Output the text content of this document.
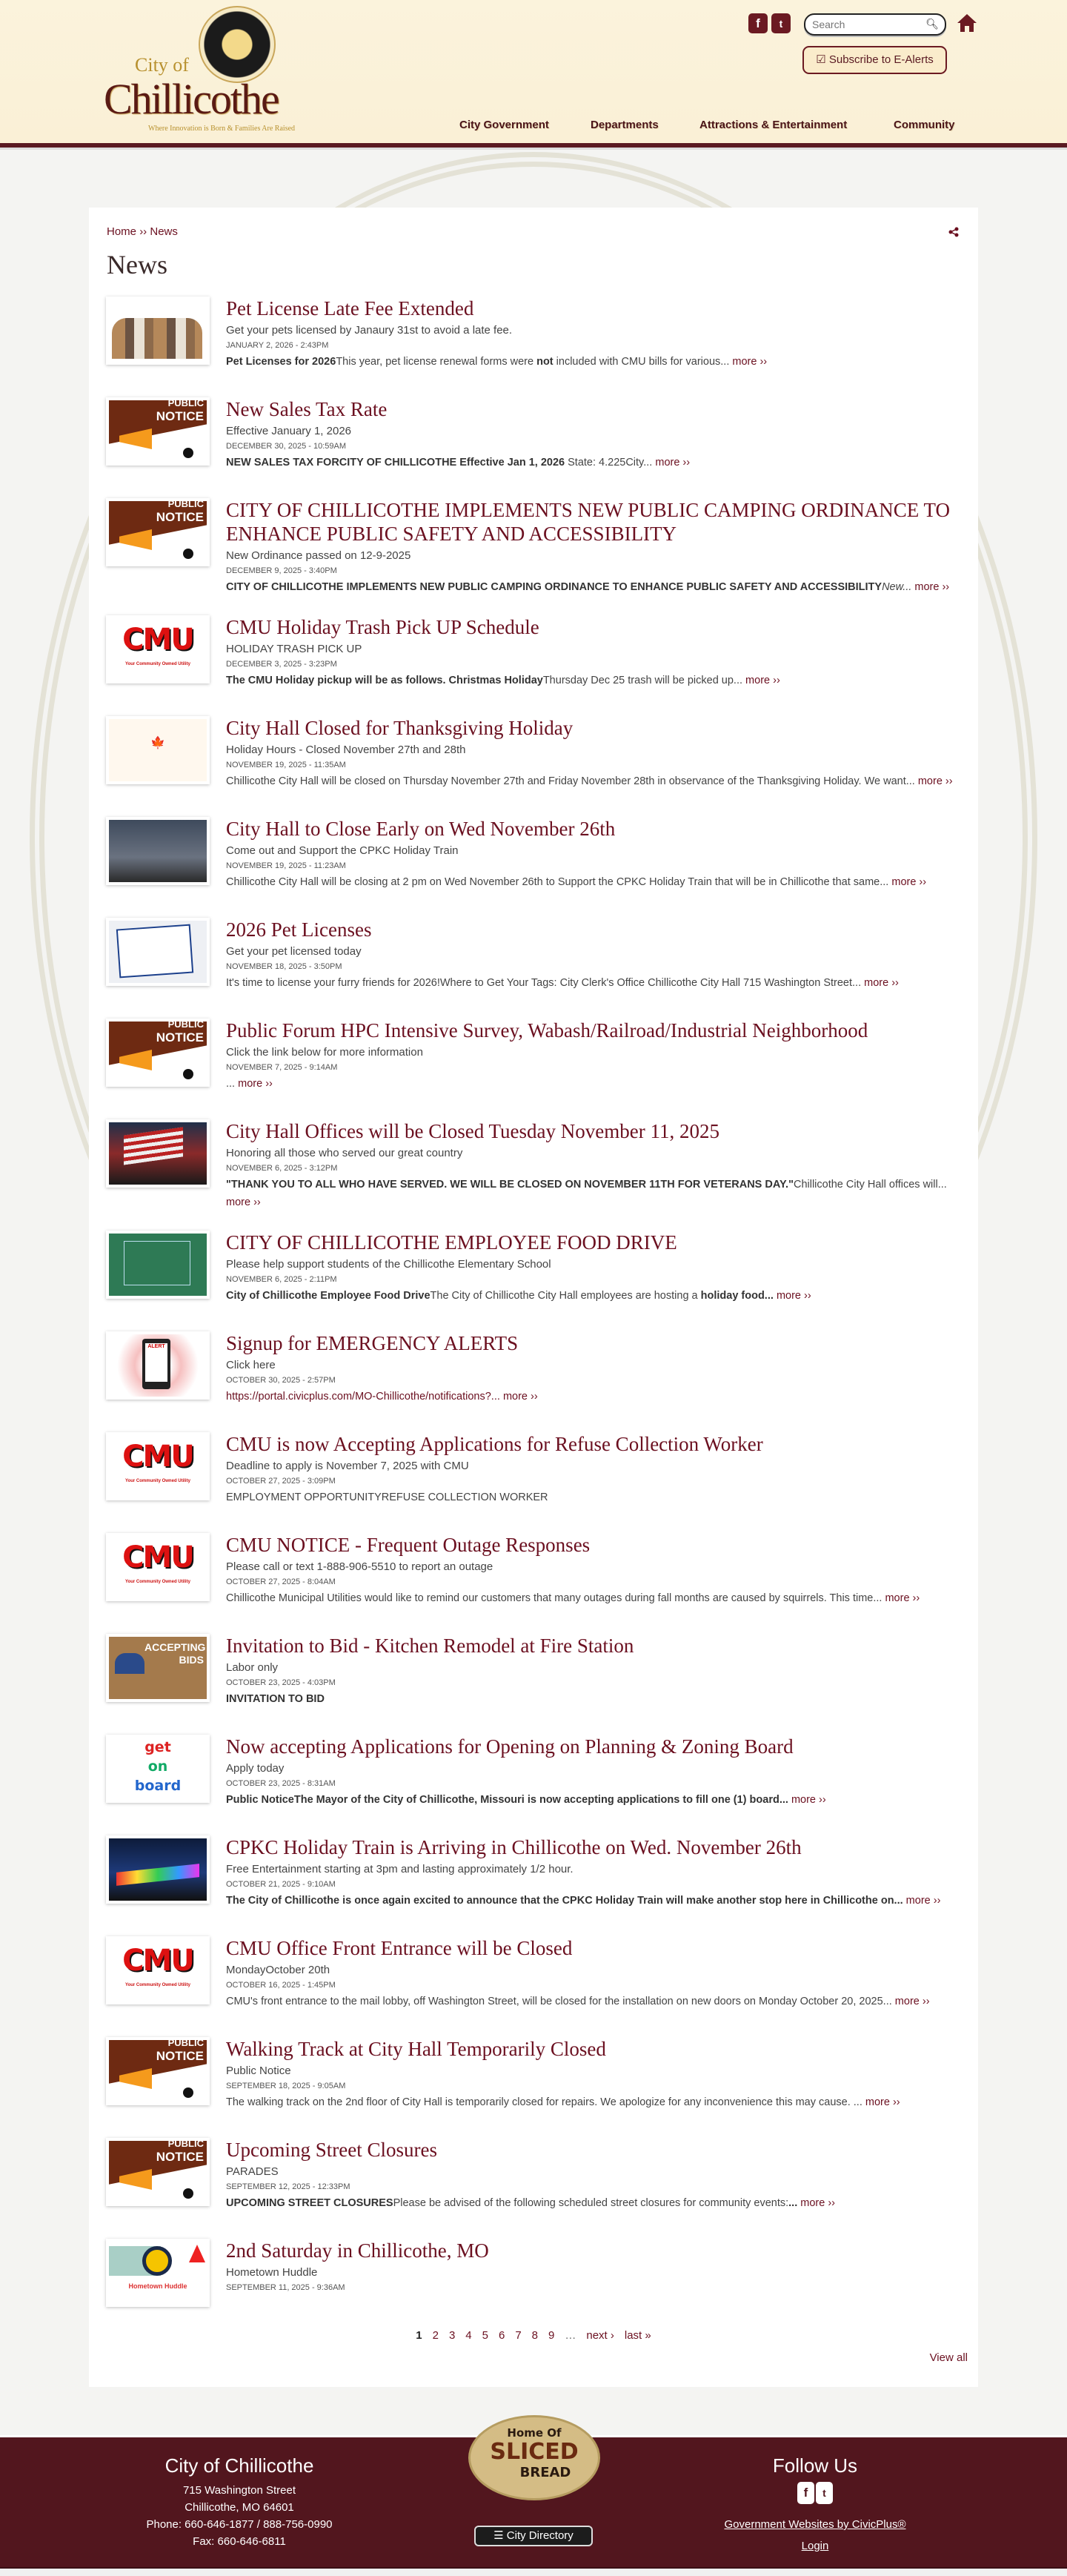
City of
Chillicothe
Where Innovation is Born & Families Are Raised
f	t
Search	🔍︎
☑ Subscribe to E-Alerts
City Government	Departments	Attractions & Entertainment	Community
Home ›› News
News
Pet License Late Fee Extended
Get your pets licensed by Janaury 31st to avoid a late fee.
JANUARY 2, 2026 - 2:43PM
Pet Licenses for 2026This year, pet license renewal forms were not included with CMU bills for various... more ››
PUBLIC
NOTICE New Sales Tax Rate
Effective January 1, 2026
DECEMBER 30, 2025 - 10:59AM
NEW SALES TAX FORCITY OF CHILLICOTHE Effective Jan 1, 2026 State: 4.225City... more ››
PUBLIC
NOTICE CITY OF CHILLICOTHE IMPLEMENTS NEW PUBLIC CAMPING ORDINANCE TO ENHANCE PUBLIC SAFETY AND ACCESSIBILITY
New Ordinance passed on 12-9-2025
DECEMBER 9, 2025 - 3:40PM
CITY OF CHILLICOTHE IMPLEMENTS NEW PUBLIC CAMPING ORDINANCE TO ENHANCE PUBLIC SAFETY AND ACCESSIBILITYNew... more ››
CMU
Your Community Owned Utility
CMU Holiday Trash Pick UP Schedule
HOLIDAY TRASH PICK UP
DECEMBER 3, 2025 - 3:23PM
The CMU Holiday pickup will be as follows. Christmas HolidayThursday Dec 25 trash will be picked up... more ››
🍁
City Hall Closed for Thanksgiving Holiday
Holiday Hours - Closed November 27th and 28th
NOVEMBER 19, 2025 - 11:35AM
Chillicothe City Hall will be closed on Thursday November 27th and Friday November 28th in observance of the Thanksgiving Holiday. We want... more ››
City Hall to Close Early on Wed November 26th
Come out and Support the CPKC Holiday Train
NOVEMBER 19, 2025 - 11:23AM
Chillicothe City Hall will be closing at 2 pm on Wed November 26th to Support the CPKC Holiday Train that will be in Chillicothe that same... more ››
2026 Pet Licenses
Get your pet licensed today
NOVEMBER 18, 2025 - 3:50PM
It's time to license your furry friends for 2026!Where to Get Your Tags: City Clerk's Office Chillicothe City Hall 715 Washington Street... more ››
PUBLIC
NOTICE Public Forum HPC Intensive Survey, Wabash/Railroad/Industrial Neighborhood
Click the link below for more information
NOVEMBER 7, 2025 - 9:14AM
... more ››
City Hall Offices will be Closed Tuesday November 11, 2025
Honoring all those who served our great country
NOVEMBER 6, 2025 - 3:12PM
"THANK YOU TO ALL WHO HAVE SERVED. WE WILL BE CLOSED ON NOVEMBER 11TH FOR VETERANS DAY."Chillicothe City Hall offices will... more ››
CITY OF CHILLICOTHE EMPLOYEE FOOD DRIVE
Please help support students of the Chillicothe Elementary School
NOVEMBER 6, 2025 - 2:11PM
City of Chillicothe Employee Food DriveThe City of Chillicothe City Hall employees are hosting a holiday food... more ››
ALERT	Signup for EMERGENCY ALERTS
Click here
OCTOBER 30, 2025 - 2:57PM
https://portal.civicplus.com/MO-Chillicothe/notifications?... more ››
CMU
Your Community Owned Utility
CMU is now Accepting Applications for Refuse Collection Worker
Deadline to apply is November 7, 2025 with CMU
OCTOBER 27, 2025 - 3:09PM
EMPLOYMENT OPPORTUNITYREFUSE COLLECTION WORKER
CMU
Your Community Owned Utility
CMU NOTICE - Frequent Outage Responses
Please call or text 1-888-906-5510 to report an outage
OCTOBER 27, 2025 - 8:04AM
Chillicothe Municipal Utilities would like to remind our customers that many outages during fall months are caused by squirrels. This time... more ››
ACCEPTING BIDS
Invitation to Bid - Kitchen Remodel at Fire Station
Labor only
OCTOBER 23, 2025 - 4:03PM
INVITATION TO BID
get
on
board
Now accepting Applications for Opening on Planning & Zoning Board
Apply today
OCTOBER 23, 2025 - 8:31AM
Public NoticeThe Mayor of the City of Chillicothe, Missouri is now accepting applications to fill one (1) board... more ››
CPKC Holiday Train is Arriving in Chillicothe on Wed. November 26th
Free Entertainment starting at 3pm and lasting approximately 1/2 hour.
OCTOBER 21, 2025 - 9:10AM
The City of Chillicothe is once again excited to announce that the CPKC Holiday Train will make another stop here in Chillicothe on... more ››
CMU
Your Community Owned Utility
CMU Office Front Entrance will be Closed
MondayOctober 20th
OCTOBER 16, 2025 - 1:45PM
CMU's front entrance to the mail lobby, off Washington Street, will be closed for the installation on new doors on Monday October 20, 2025... more ››
PUBLIC
NOTICE Walking Track at City Hall Temporarily Closed
Public Notice
SEPTEMBER 18, 2025 - 9:05AM
The walking track on the 2nd floor of City Hall is temporarily closed for repairs. We apologize for any inconvenience this may cause. ... more ››
PUBLIC
NOTICE Upcoming Street Closures
PARADES
SEPTEMBER 12, 2025 - 12:33PM
UPCOMING STREET CLOSURESPlease be advised of the following scheduled street closures for community events:... more ››
Hometown Huddle
2nd Saturday in Chillicothe, MO
Hometown Huddle
SEPTEMBER 11, 2025 - 9:36AM
1 2 3 4 5 6 7 8 9 … next › last »
View all
City of Chillicothe

715 Washington Street

Chillicothe, MO 64601

Phone: 660-646-1877 / 888-756-0990

Fax: 660-646-6811

Follow Us
f t

Government Websites by CivicPlus®

Login

Home Of
SLICED
BREAD
☰ City Directory
